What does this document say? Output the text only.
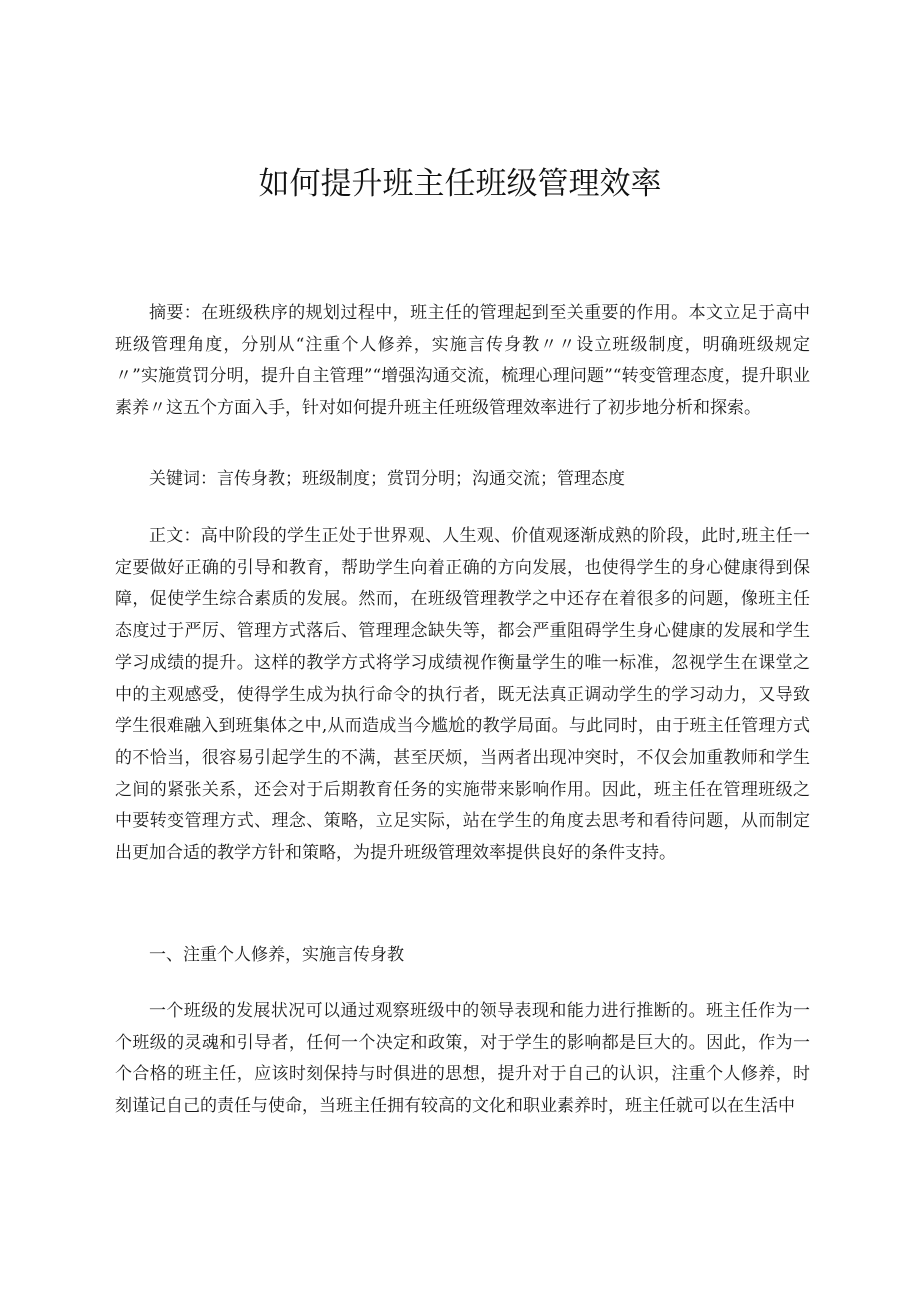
如何提升班主任班级管理效率

摘要：在班级秩序的规划过程中，班主任的管理起到至关重要的作用。本文立足于高中班级管理角度，分别从“注重个人修养，实施言传身教〃〃设立班级制度，明确班级规定〃”实施赏罚分明，提升自主管理”“增强沟通交流，梳理心理问题”“转变管理态度，提升职业素养〃这五个方面入手，针对如何提升班主任班级管理效率进行了初步地分析和探索。

关键词：言传身教；班级制度；赏罚分明；沟通交流；管理态度

正文：高中阶段的学生正处于世界观、人生观、价值观逐渐成熟的阶段，此时,班主任一定要做好正确的引导和教育，帮助学生向着正确的方向发展，也使得学生的身心健康得到保障，促使学生综合素质的发展。然而，在班级管理教学之中还存在着很多的问题，像班主任态度过于严厉、管理方式落后、管理理念缺失等，都会严重阻碍学生身心健康的发展和学生学习成绩的提升。这样的教学方式将学习成绩视作衡量学生的唯一标准，忽视学生在课堂之中的主观感受，使得学生成为执行命令的执行者，既无法真正调动学生的学习动力，又导致学生很难融入到班集体之中,从而造成当今尴尬的教学局面。与此同时，由于班主任管理方式的不恰当，很容易引起学生的不满，甚至厌烦，当两者出现冲突时，不仅会加重教师和学生之间的紧张关系，还会对于后期教育任务的实施带来影响作用。因此，班主任在管理班级之中要转变管理方式、理念、策略，立足实际，站在学生的角度去思考和看待问题，从而制定出更加合适的教学方针和策略，为提升班级管理效率提供良好的条件支持。

一、注重个人修养，实施言传身教

一个班级的发展状况可以通过观察班级中的领导表现和能力进行推断的。班主任作为一个班级的灵魂和引导者，任何一个决定和政策，对于学生的影响都是巨大的。因此，作为一个合格的班主任，应该时刻保持与时俱进的思想，提升对于自己的认识，注重个人修养，时刻谨记自己的责任与使命，当班主任拥有较高的文化和职业素养时，班主任就可以在生活中
